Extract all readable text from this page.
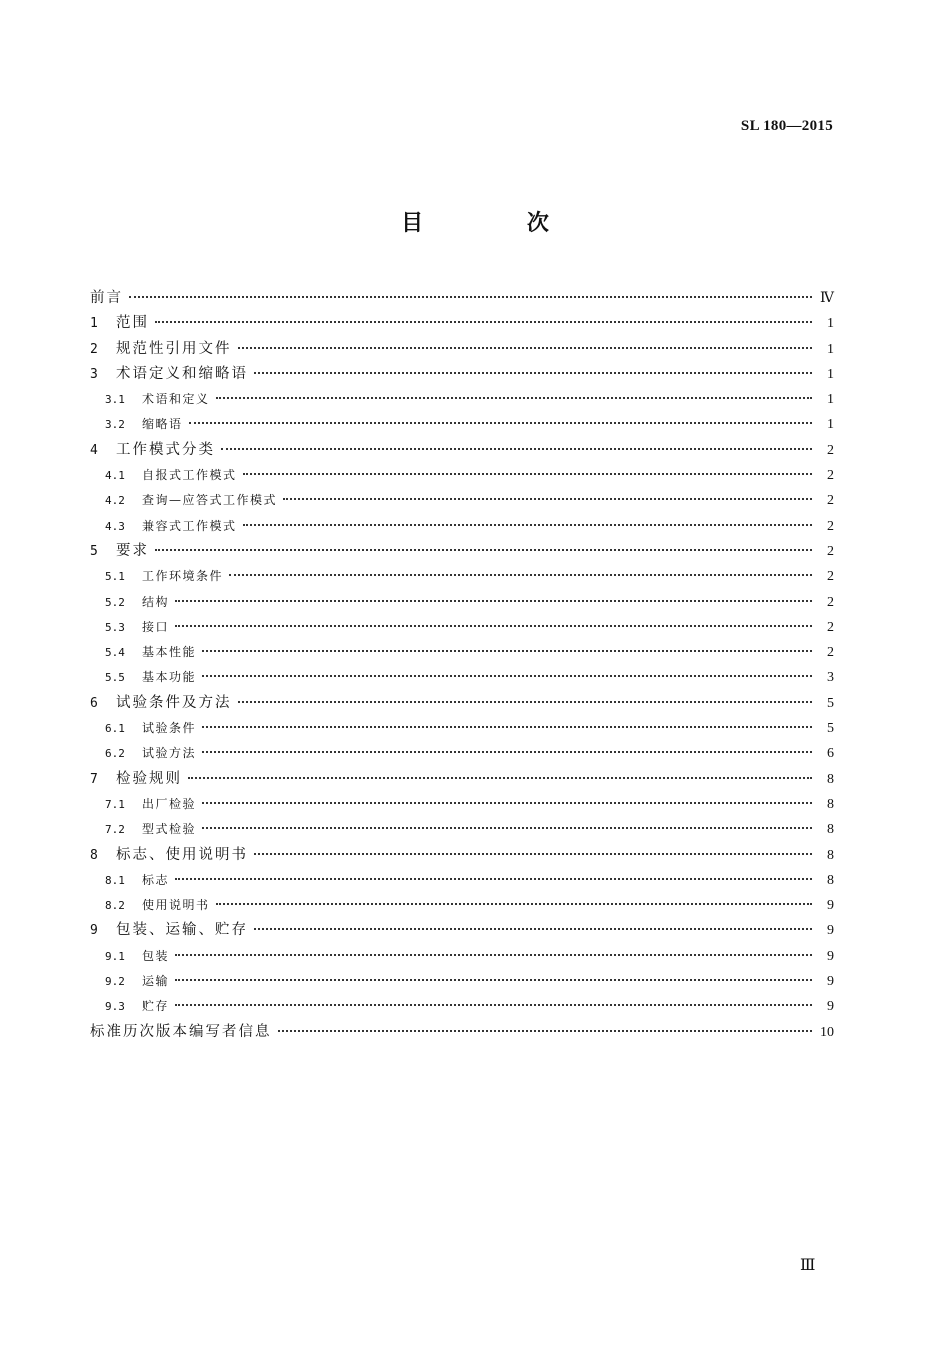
SL 180—2015
目 次
前言	Ⅳ
1	范围	1
2	规范性引用文件	1
3	术语定义和缩略语	1
3.1	术语和定义	1
3.2	缩略语	1
4	工作模式分类	2
4.1	自报式工作模式	2
4.2	查询—应答式工作模式	2
4.3	兼容式工作模式	2
5	要求	2
5.1	工作环境条件	2
5.2	结构	2
5.3	接口	2
5.4	基本性能	2
5.5	基本功能	3
6	试验条件及方法	5
6.1	试验条件	5
6.2	试验方法	6
7	检验规则	8
7.1	出厂检验	8
7.2	型式检验	8
8	标志、使用说明书	8
8.1	标志	8
8.2	使用说明书	9
9	包装、运输、贮存	9
9.1	包装	9
9.2	运输	9
9.3	贮存	9
标准历次版本编写者信息	10
Ⅲ
